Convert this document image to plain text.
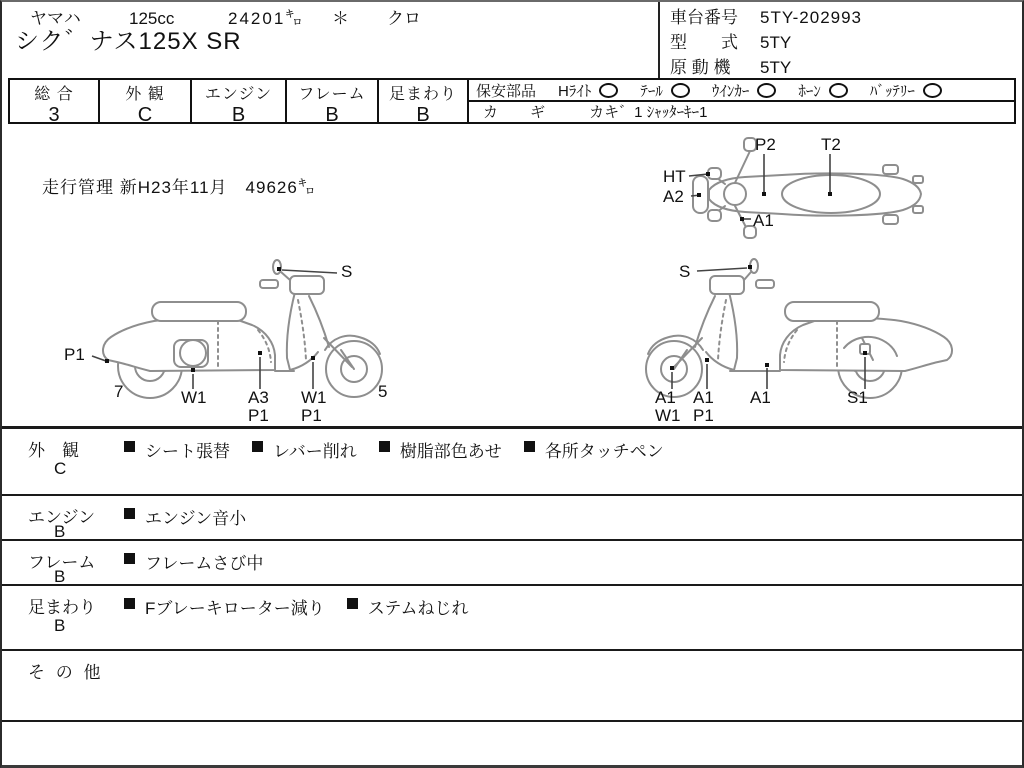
ヤマハ	125cc	24201㌔ ＊ クロ
シク゛ナス125X SR
車台番号 5TY-202993
型　　式 5TY
原 動 機 5TY
総 合
3
外 観
C
エンジン
B
フレーム
B
足まわり
B
保安部品 Hﾗｲﾄ	ﾃｰﾙ	ｳｲﾝｶｰ	ﾎｰﾝ	ﾊﾞｯﾃﾘｰ
カ ギ カキ゛1 ｼｬｯﾀｰｷｰ1
走行管理 新H23年11月　49626㌔
P2	T2
HT
A2
A1
S
P1
7	W1 A3
P1
W1
P1
5
S
A1
W1
A1
P1
A1	S1
外　観
C
シート張替	レバー削れ	樹脂部色あせ	各所タッチペン
エンジン
B
エンジン音小
フレーム
B
フレームさび中
足まわり
B
Fブレーキローター減り	ステムねじれ
そ の 他
